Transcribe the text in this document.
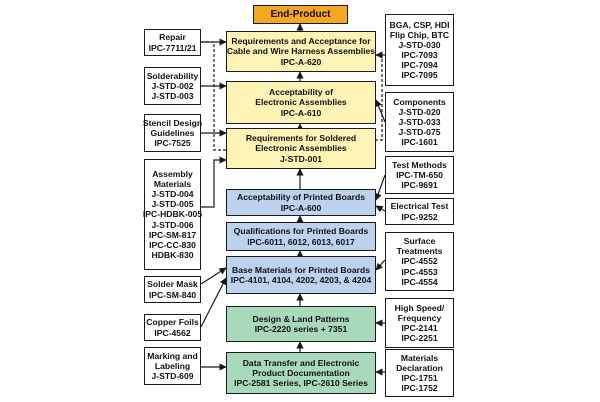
End-Product
Requirements and Acceptance for
Cable and Wire Harness Assemblies
IPC-A-620
Acceptability of
Electronic Assemblies
IPC-A-610
Requirements for Soldered
Electronic Assemblies
J-STD-001
Acceptability of Printed Boards
IPC-A-600
Qualifications for Printed Boards
IPC-6011, 6012, 6013, 6017
Base Materials for Printed Boards
IPC-4101, 4104, 4202, 4203, & 4204
Design & Land Patterns
IPC-2220 series + 7351
Data Transfer and Electronic
Product Documentation
IPC-2581 Series, IPC-2610 Series
Repair
IPC-7711/21
Solderability
J-STD-002
J-STD-003
Stencil Design
Guidelines
IPC-7525
Assembly
Materials
J-STD-004
J-STD-005
IPC-HDBK-005
J-STD-006
IPC-SM-817
IPC-CC-830
HDBK-830
Solder Mask
IPC-SM-840
Copper Foils
IPC-4562
Marking and
Labeling
J-STD-609
BGA, CSP, HDI
Flip Chip, BTC
J-STD-030
IPC-7093
IPC-7094
IPC-7095
Components
J-STD-020
J-STD-033
J-STD-075
IPC-1601
Test Methods
IPC-TM-650
IPC-9691
Electrical Test
IPC-9252
Surface
Treatments
IPC-4552
IPC-4553
IPC-4554
High Speed/
Frequency
IPC-2141
IPC-2251
Materials
Declaration
IPC-1751
IPC-1752
